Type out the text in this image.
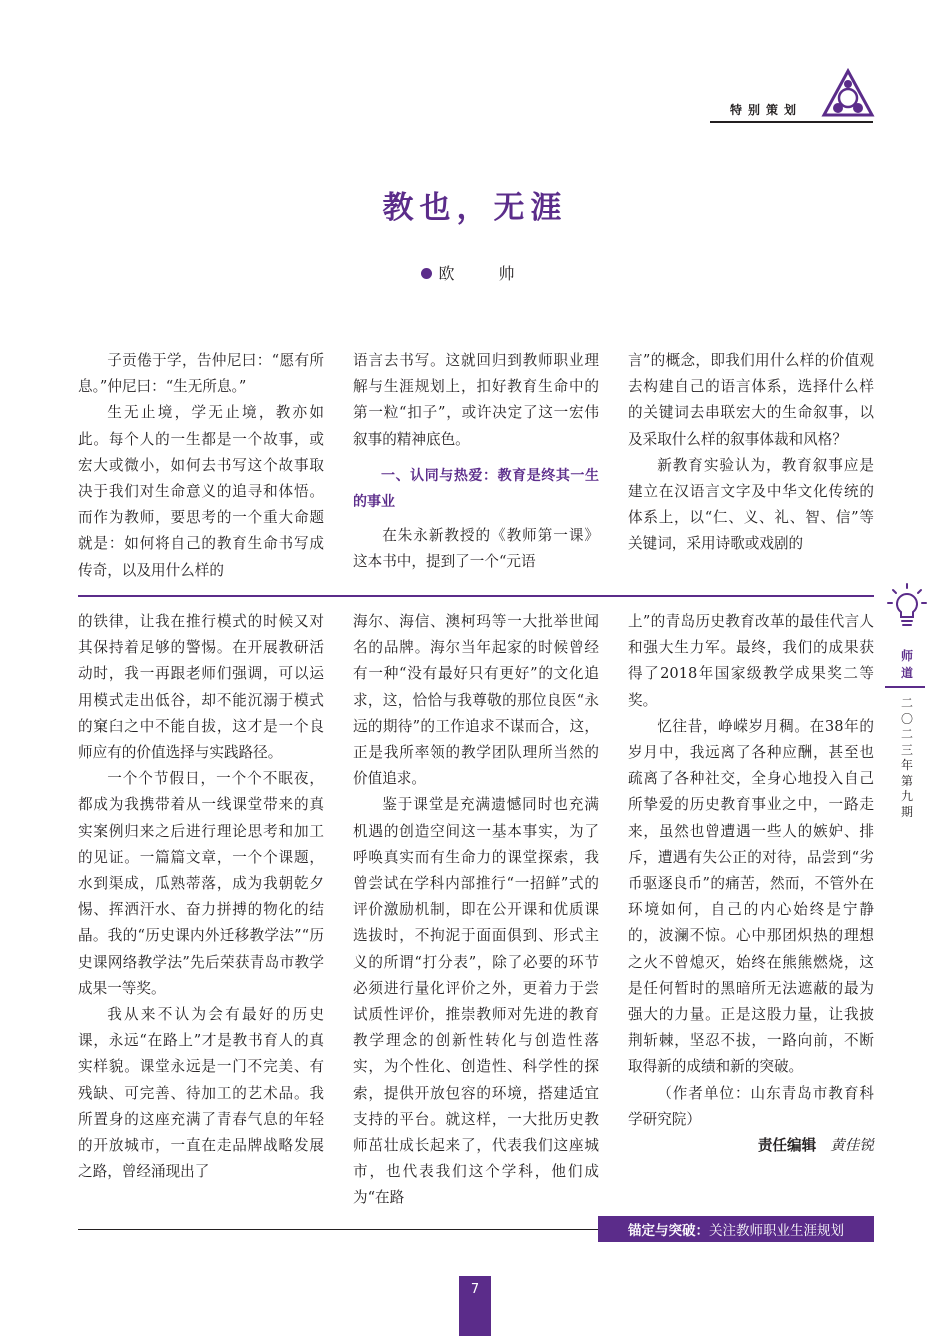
特别策划
教也，无涯
欧　帅

子贡倦于学，告仲尼曰：“愿有所息。”仲尼曰：“生无所息。”

生无止境，学无止境，教亦如此。每个人的一生都是一个故事，或宏大或微小，如何去书写这个故事取决于我们对生命意义的追寻和体悟。而作为教师，要思考的一个重大命题就是：如何将自己的教育生命书写成传奇，以及用什么样的

语言去书写。这就回归到教师职业理解与生涯规划上，扣好教育生命中的第一粒“扣子”，或许决定了这一宏伟叙事的精神底色。

一、认同与热爱：教育是终其一生的事业

在朱永新教授的《教师第一课》这本书中，提到了一个“元语

言”的概念，即我们用什么样的价值观去构建自己的语言体系，选择什么样的关键词去串联宏大的生命叙事，以及采取什么样的叙事体裁和风格？

新教育实验认为，教育叙事应是建立在汉语言文字及中华文化传统的体系上，以“仁、义、礼、智、信”等关键词，采用诗歌或戏剧的

的铁律，让我在推行模式的时候又对其保持着足够的警惕。在开展教研活动时，我一再跟老师们强调，可以运用模式走出低谷，却不能沉溺于模式的窠臼之中不能自拔，这才是一个良师应有的价值选择与实践路径。

一个个节假日，一个个不眠夜，都成为我携带着从一线课堂带来的真实案例归来之后进行理论思考和加工的见证。一篇篇文章，一个个课题，水到渠成，瓜熟蒂落，成为我朝乾夕惕、挥洒汗水、奋力拼搏的物化的结晶。我的“历史课内外迁移教学法”“历史课网络教学法”先后荣获青岛市教学成果一等奖。

我从来不认为会有最好的历史课，永远“在路上”才是教书育人的真实样貌。课堂永远是一门不完美、有残缺、可完善、待加工的艺术品。我所置身的这座充满了青春气息的年轻的开放城市，一直在走品牌战略发展之路，曾经涌现出了

海尔、海信、澳柯玛等一大批举世闻名的品牌。海尔当年起家的时候曾经有一种“没有最好只有更好”的文化追求，这，恰恰与我尊敬的那位良医“永远的期待”的工作追求不谋而合，这，正是我所率领的教学团队理所当然的价值追求。

鉴于课堂是充满遗憾同时也充满机遇的创造空间这一基本事实，为了呼唤真实而有生命力的课堂探索，我曾尝试在学科内部推行“一招鲜”式的评价激励机制，即在公开课和优质课选拔时，不拘泥于面面俱到、形式主义的所谓“打分表”，除了必要的环节必须进行量化评价之外，更着力于尝试质性评价，推崇教师对先进的教育教学理念的创新性转化与创造性落实，为个性化、创造性、科学性的探索，提供开放包容的环境，搭建适宜支持的平台。就这样，一大批历史教师茁壮成长起来了，代表我们这座城市，也代表我们这个学科，他们成为“在路

上”的青岛历史教育改革的最佳代言人和强大生力军。最终，我们的成果获得了2018年国家级教学成果奖二等奖。

忆往昔，峥嵘岁月稠。在38年的岁月中，我远离了各种应酬，甚至也疏离了各种社交，全身心地投入自己所挚爱的历史教育事业之中，一路走来，虽然也曾遭遇一些人的嫉妒、排斥，遭遇有失公正的对待，品尝到“劣币驱逐良币”的痛苦，然而，不管外在环境如何，自己的内心始终是宁静的，波澜不惊。心中那团炽热的理想之火不曾熄灭，始终在熊熊燃烧，这是任何暂时的黑暗所无法遮蔽的最为强大的力量。正是这股力量，让我披荆斩棘，坚忍不拔，一路向前，不断取得新的成绩和新的突破。

（作者单位：山东青岛市教育科学研究院）

责任编辑 黄佳锐
师道
二〇二三年第九期
锚定与突破： 关注教师职业生涯规划
7
